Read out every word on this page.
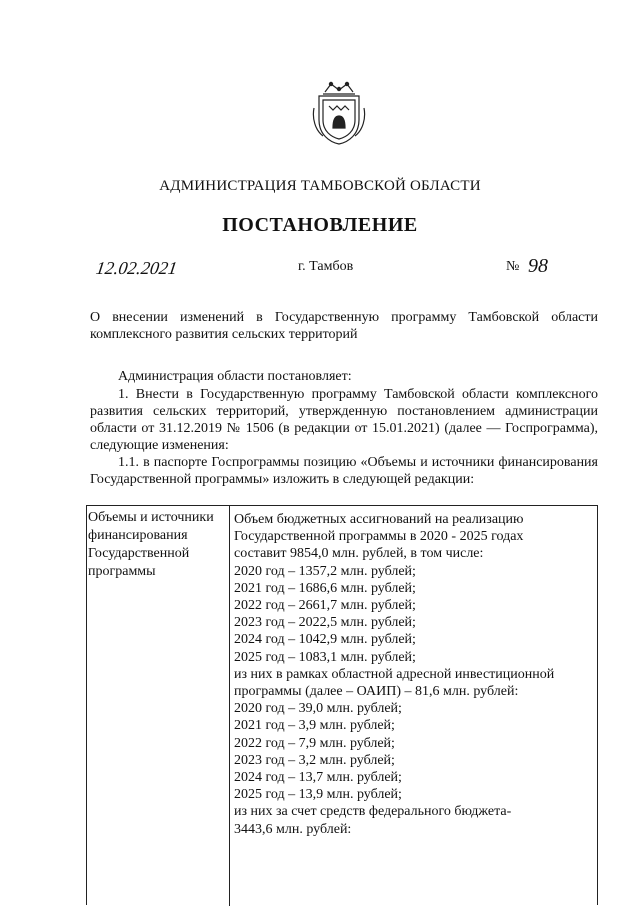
АДМИНИСТРАЦИЯ ТАМБОВСКОЙ ОБЛАСТИ
ПОСТАНОВЛЕНИЕ
12.02.2021	г. Тамбов	№ 98
О внесении изменений в Государственную программу Тамбовской области комплексного развития сельских территорий
Администрация области постановляет:
1. Внести в Государственную программу Тамбовской области комплексного развития сельских территорий, утвержденную постановлением администрации области от 31.12.2019 № 1506 (в редакции от 15.01.2021) (далее — Госпрограмма), следующие изменения:
1.1. в паспорте Госпрограммы позицию «Объемы и источники финансирования Государственной программы» изложить в следующей редакции:
Объемы и источники финансирования Государственной программы
Объем бюджетных ассигнований на реализацию
Государственной программы в 2020 - 2025 годах
составит 9854,0 млн. рублей, в том числе:
2020 год – 1357,2 млн. рублей;
2021 год – 1686,6 млн. рублей;
2022 год – 2661,7 млн. рублей;
2023 год – 2022,5 млн. рублей;
2024 год – 1042,9 млн. рублей;
2025 год – 1083,1 млн. рублей;
из них в рамках областной адресной инвестиционной
программы (далее – ОАИП) – 81,6 млн. рублей:
2020 год – 39,0 млн. рублей;
2021 год – 3,9 млн. рублей;
2022 год – 7,9 млн. рублей;
2023 год – 3,2 млн. рублей;
2024 год – 13,7 млн. рублей;
2025 год – 13,9 млн. рублей;
из них за счет средств федерального бюджета-
3443,6 млн. рублей:
